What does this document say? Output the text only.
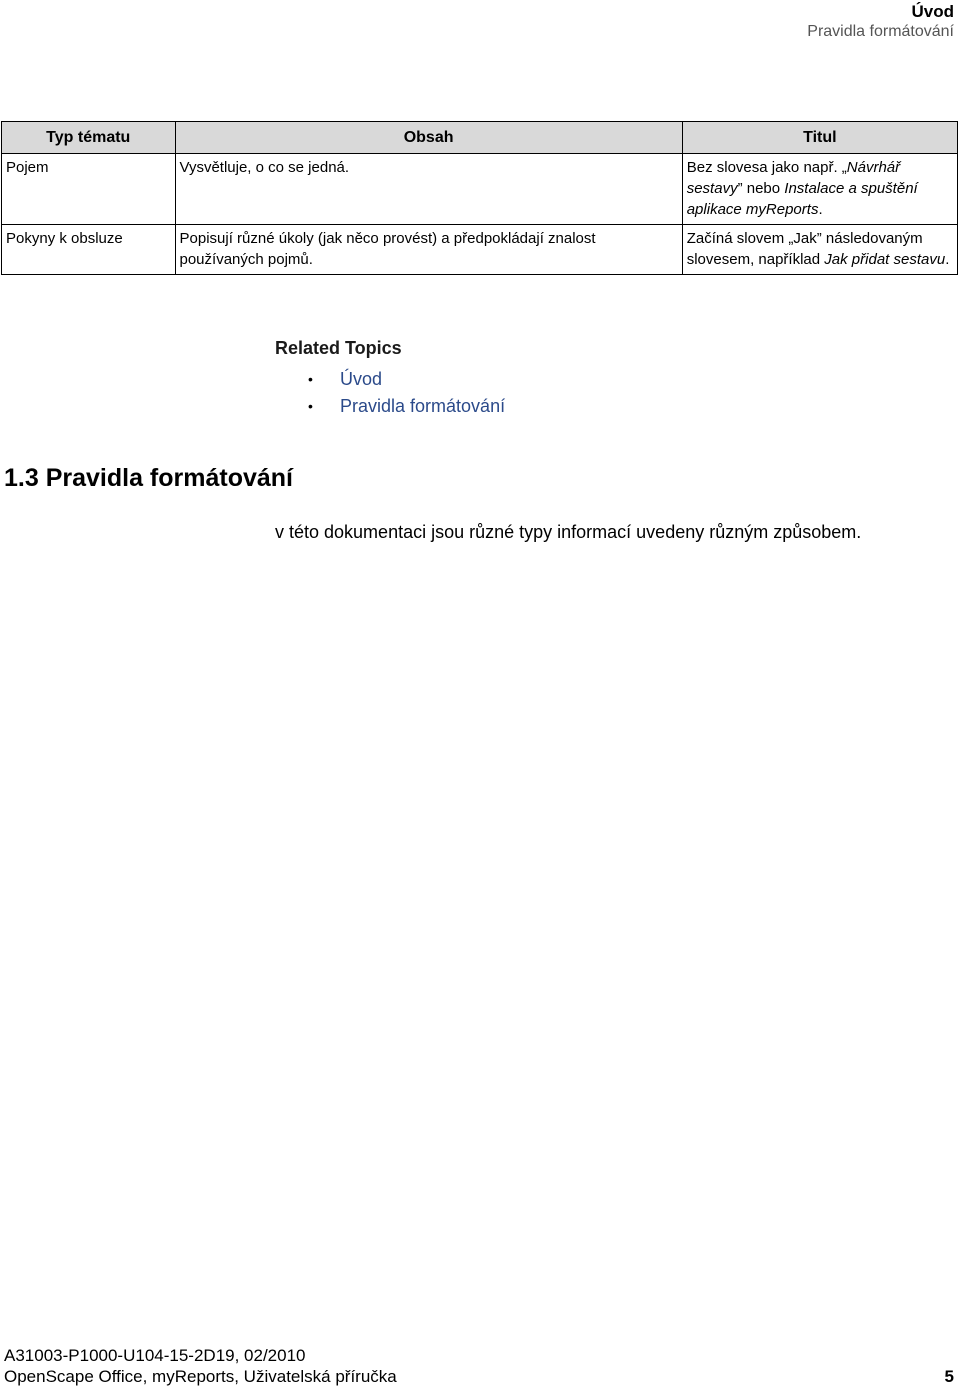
Úvod
Pravidla formátování
Typ tématu	Obsah	Titul
Pojem	Vysvětluje, o co se jedná.	Bez slovesa jako např. „Návrhář sestavy” nebo Instalace a spuštění aplikace myReports.
Pokyny k obsluze	Popisují různé úkoly (jak něco provést) a předpokládají znalost používaných pojmů.	Začíná slovem „Jak” následovaným slovesem, například Jak přidat sestavu.
Related Topics
• Úvod
• Pravidla formátování
1.3 Pravidla formátování
v této dokumentaci jsou různé typy informací uvedeny různým způsobem.
A31003-P1000-U104-15-2D19, 02/2010
OpenScape Office, myReports, Uživatelská příručka	5
